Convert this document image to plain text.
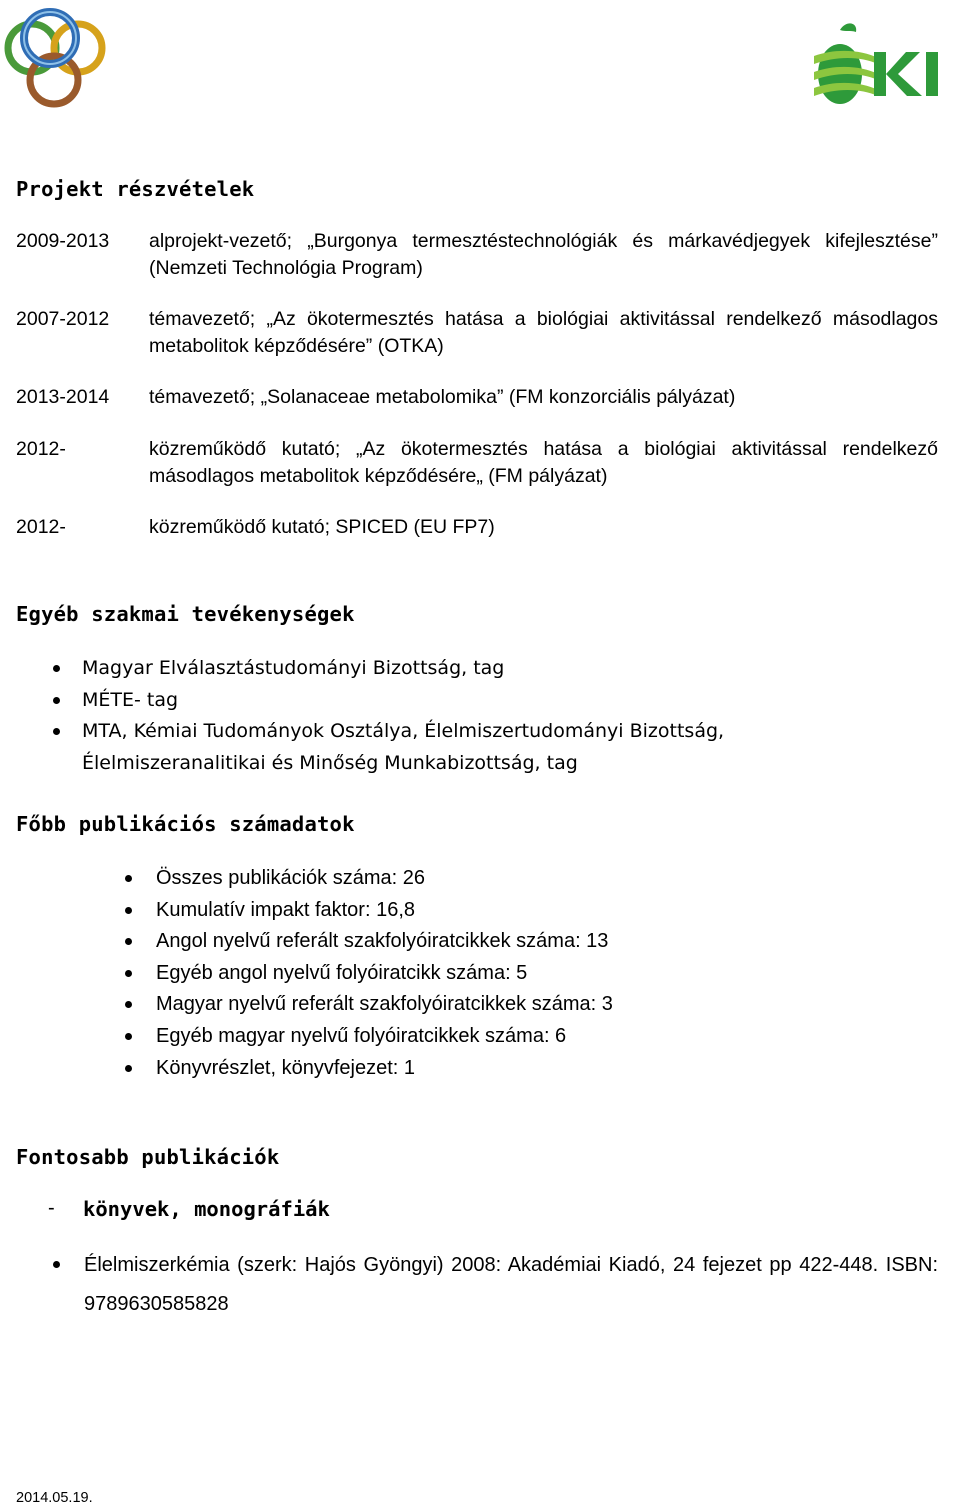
Projekt részvételek
2009-2013 alprojekt-vezető; „Burgonya termesztéstechnológiák és márkavédjegyek kifejlesztése” (Nemzeti Technológia Program)
2007-2012 témavezető; „Az ökotermesztés hatása a biológiai aktivitással rendelkező másodlagos metabolitok képződésére” (OTKA)
2013-2014 témavezető; „Solanaceae metabolomika” (FM konzorciális pályázat)
2012-	közreműködő kutató; „Az ökotermesztés hatása a biológiai aktivitással rendelkező másodlagos metabolitok képződésére„ (FM pályázat)
2012-	közreműködő kutató; SPICED (EU FP7)
Egyéb szakmai tevékenységek
Magyar Elválasztástudományi Bizottság, tag
MÉTE- tag
MTA, Kémiai Tudományok Osztálya, Élelmiszertudományi Bizottság,
Élelmiszeranalitikai és Minőség Munkabizottság, tag
Főbb publikációs számadatok
Összes publikációk száma: 26
Kumulatív impakt faktor: 16,8
Angol nyelvű referált szakfolyóiratcikkek száma: 13
Egyéb angol nyelvű folyóiratcikk száma: 5
Magyar nyelvű referált szakfolyóiratcikkek száma: 3
Egyéb magyar nyelvű folyóiratcikkek száma: 6
Könyvrészlet, könyvfejezet: 1
Fontosabb publikációk
- könyvek, monográfiák
Élelmiszerkémia (szerk: Hajós Gyöngyi) 2008: Akadémiai Kiadó, 24 fejezet pp 422-448. ISBN: 9789630585828
2014.05.19.
